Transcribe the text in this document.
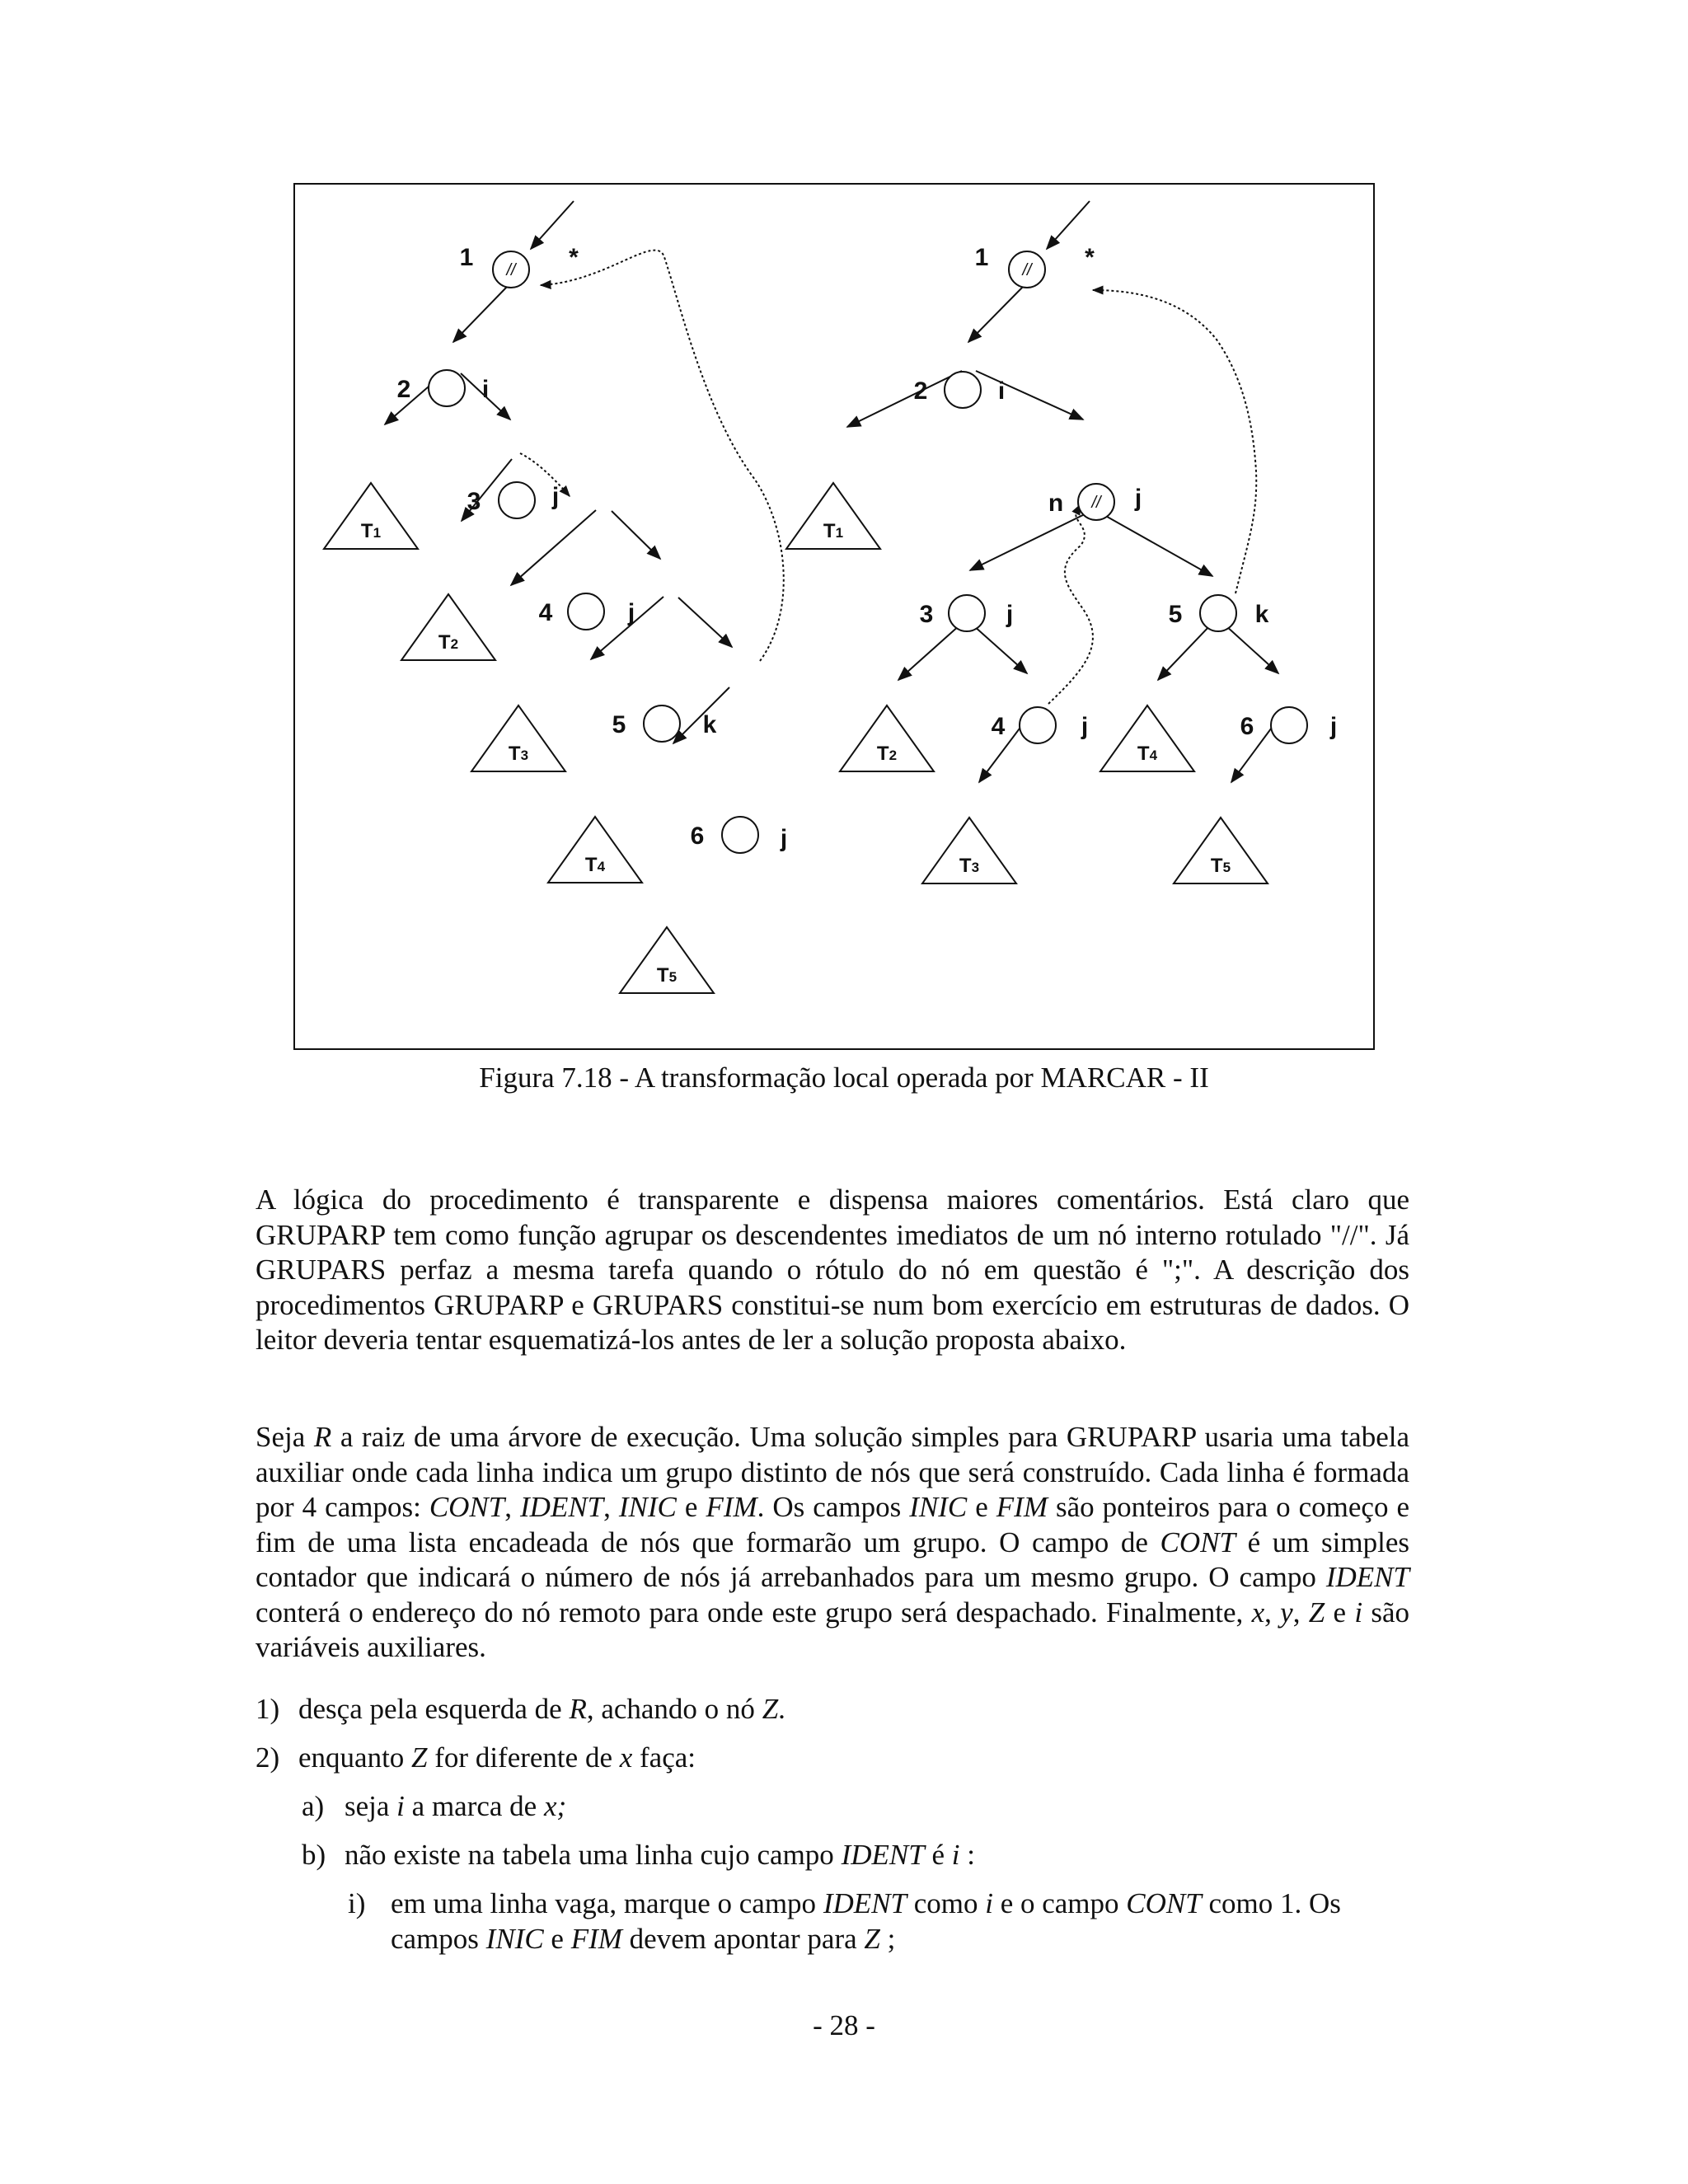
//
1	*
2	i
3	j
4	j
5	k
6	j
T1
T2
T3
T4
T5
//
1	*
2	i
//
n	j
3	j
4	j
5	k
6	j
T1
T2
T3
T4
T5
Figura 7.18 - A transformação local operada por MARCAR - II

A lógica do procedimento é transparente e dispensa maiores comentários. Está claro que GRUPARP tem como função agrupar os descendentes imediatos de um nó interno rotulado "//". Já GRUPARS perfaz a mesma tarefa quando o rótulo do nó em questão é ";". A descrição dos procedimentos GRUPARP e GRUPARS constitui-se num bom exercício em estruturas de dados. O leitor deveria tentar esquematizá-los antes de ler a solução proposta abaixo.

Seja R a raiz de uma árvore de execução. Uma solução simples para GRUPARP usaria uma tabela auxiliar onde cada linha indica um grupo distinto de nós que será construído. Cada linha é formada por 4 campos: CONT, IDENT, INIC e FIM. Os campos INIC e FIM são ponteiros para o começo e fim de uma lista encadeada de nós que formarão um grupo. O campo de CONT é um simples contador que indicará o número de nós já arrebanhados para um mesmo grupo. O campo IDENT conterá o endereço do nó remoto para onde este grupo será despachado. Finalmente, x, y, Z e i são variáveis auxiliares.

1) desça pela esquerda de R, achando o nó Z.

2) enquanto Z for diferente de x faça:

a) seja i a marca de x;

b) não existe na tabela uma linha cujo campo IDENT é i :

i) em uma linha vaga, marque o campo IDENT como i e o campo CONT como 1. Os campos INIC e FIM devem apontar para Z ;

- 28 -
